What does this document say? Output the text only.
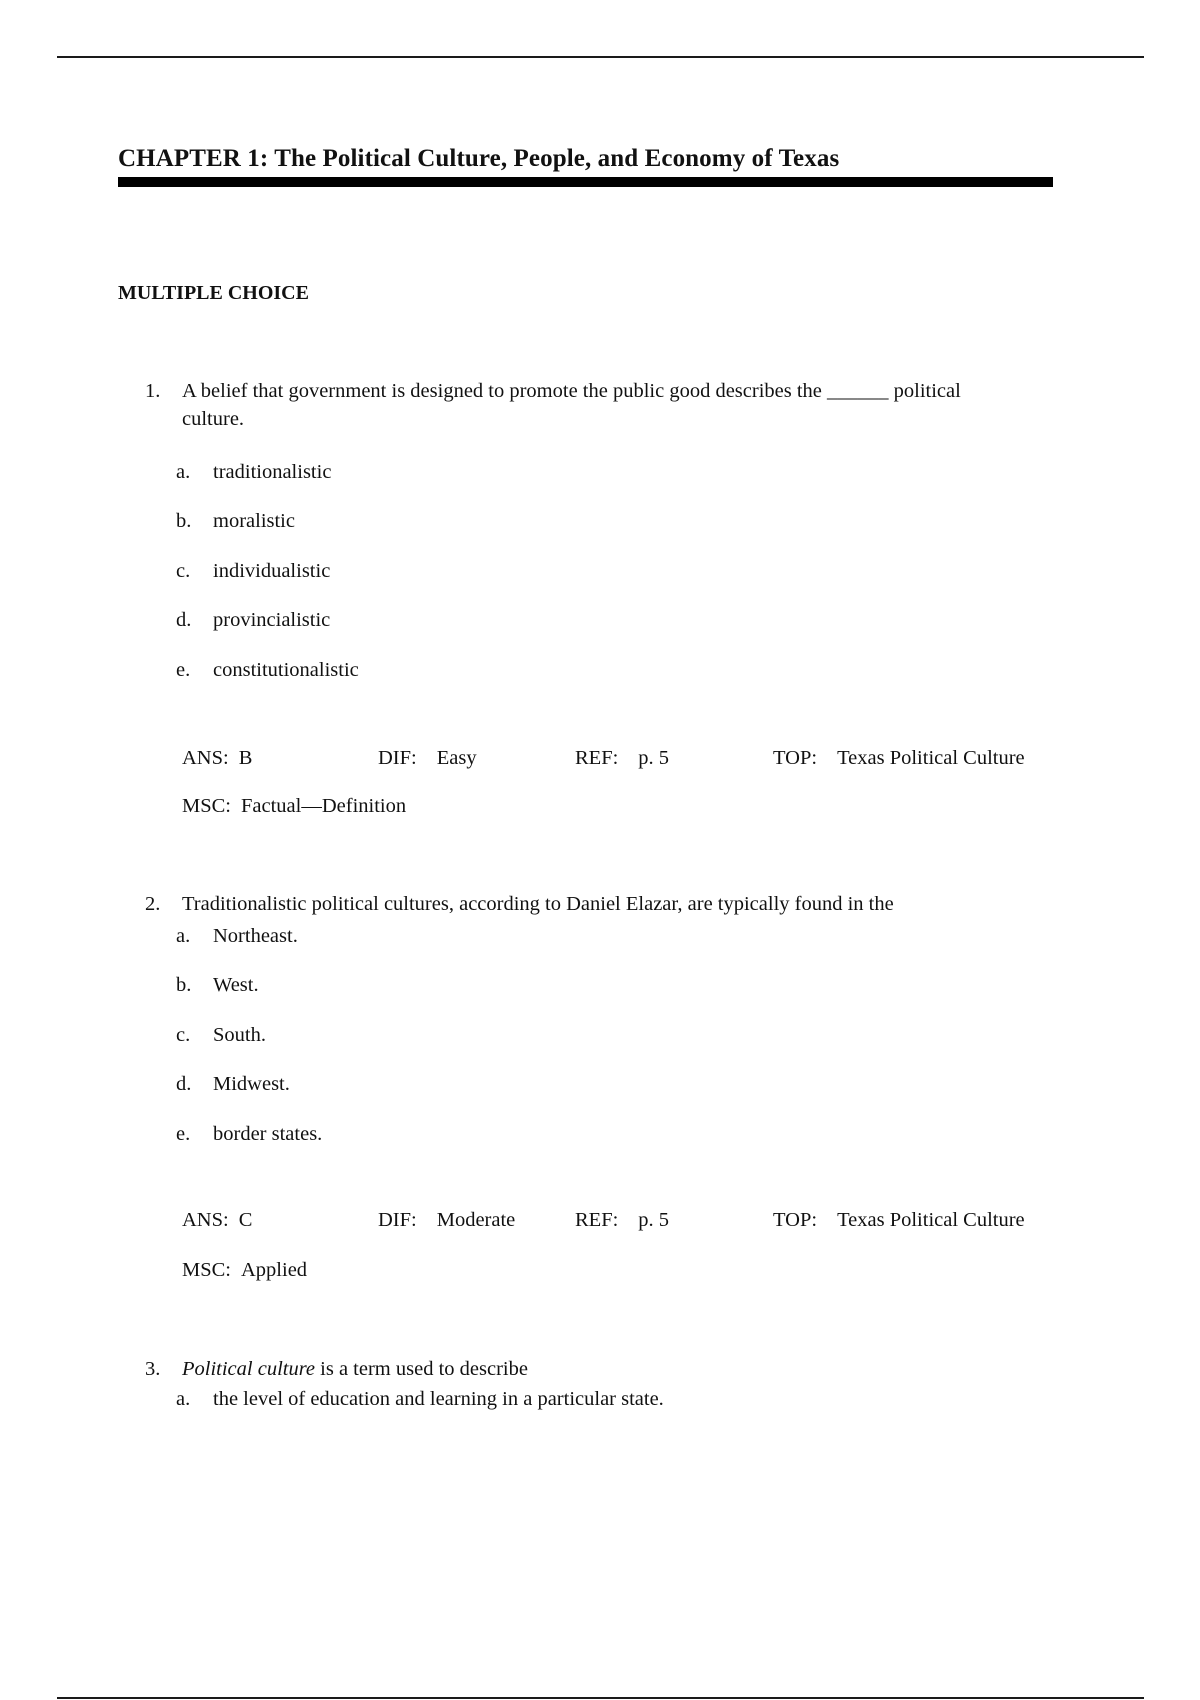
CHAPTER 1: The Political Culture, People, and Economy of Texas
MULTIPLE CHOICE
1. A belief that government is designed to promote the public good describes the ______ political
culture.
a. traditionalistic
b. moralistic
c. individualistic
d. provincialistic
e. constitutionalistic
ANS: B	DIF: Easy	REF: p. 5	TOP: Texas Political Culture
MSC: Factual—Definition
2. Traditionalistic political cultures, according to Daniel Elazar, are typically found in the
a. Northeast.
b. West.
c. South.
d. Midwest.
e. border states.
ANS: C	DIF: Moderate	REF: p. 5	TOP: Texas Political Culture
MSC: Applied
3. Political culture is a term used to describe
a. the level of education and learning in a particular state.
